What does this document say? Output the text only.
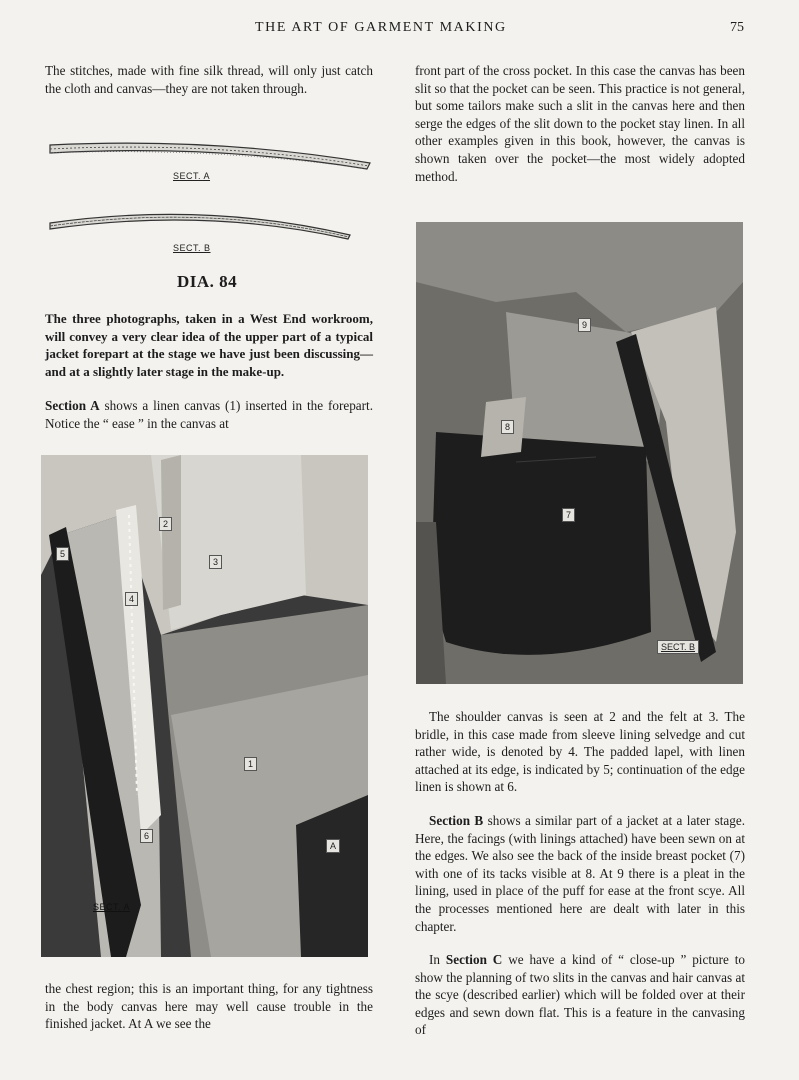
THE ART OF GARMENT MAKING	75
The stitches, made with fine silk thread, will only just catch the cloth and canvas—they are not taken through.
SECT. A
SECT. B
DIA. 84
The three photographs, taken in a West End workroom, will convey a very clear idea of the upper part of a typical jacket forepart at the stage we have just been discussing—and at a slightly later stage in the make-up.
Section A shows a linen canvas (1) inserted in the forepart. Notice the “ ease ” in the canvas at
5
2
3
4
1
6
A
SECT. A
the chest region; this is an important thing, for any tightness in the body canvas here may well cause trouble in the finished jacket. At A we see the
front part of the cross pocket. In this case the canvas has been slit so that the pocket can be seen. This practice is not general, but some tailors make such a slit in the canvas here and then serge the edges of the slit down to the pocket stay linen. In all other examples given in this book, however, the canvas is shown taken over the pocket—the most widely adopted method.
9
8
7
SECT. B
The shoulder canvas is seen at 2 and the felt at 3. The bridle, in this case made from sleeve lining selvedge and cut rather wide, is denoted by 4. The padded lapel, with linen attached at its edge, is indicated by 5; continuation of the edge linen is shown at 6.
Section B shows a similar part of a jacket at a later stage. Here, the facings (with linings attached) have been sewn on at the edges. We also see the back of the inside breast pocket (7) with one of its tacks visible at 8. At 9 there is a pleat in the lining, used in place of the puff for ease at the front scye. All the processes mentioned here are dealt with later in this chapter.
In Section C we have a kind of “ close-up ” picture to show the planning of two slits in the canvas and hair canvas at the scye (described earlier) which will be folded over at their edges and sewn down flat. This is a feature in the canvasing of
